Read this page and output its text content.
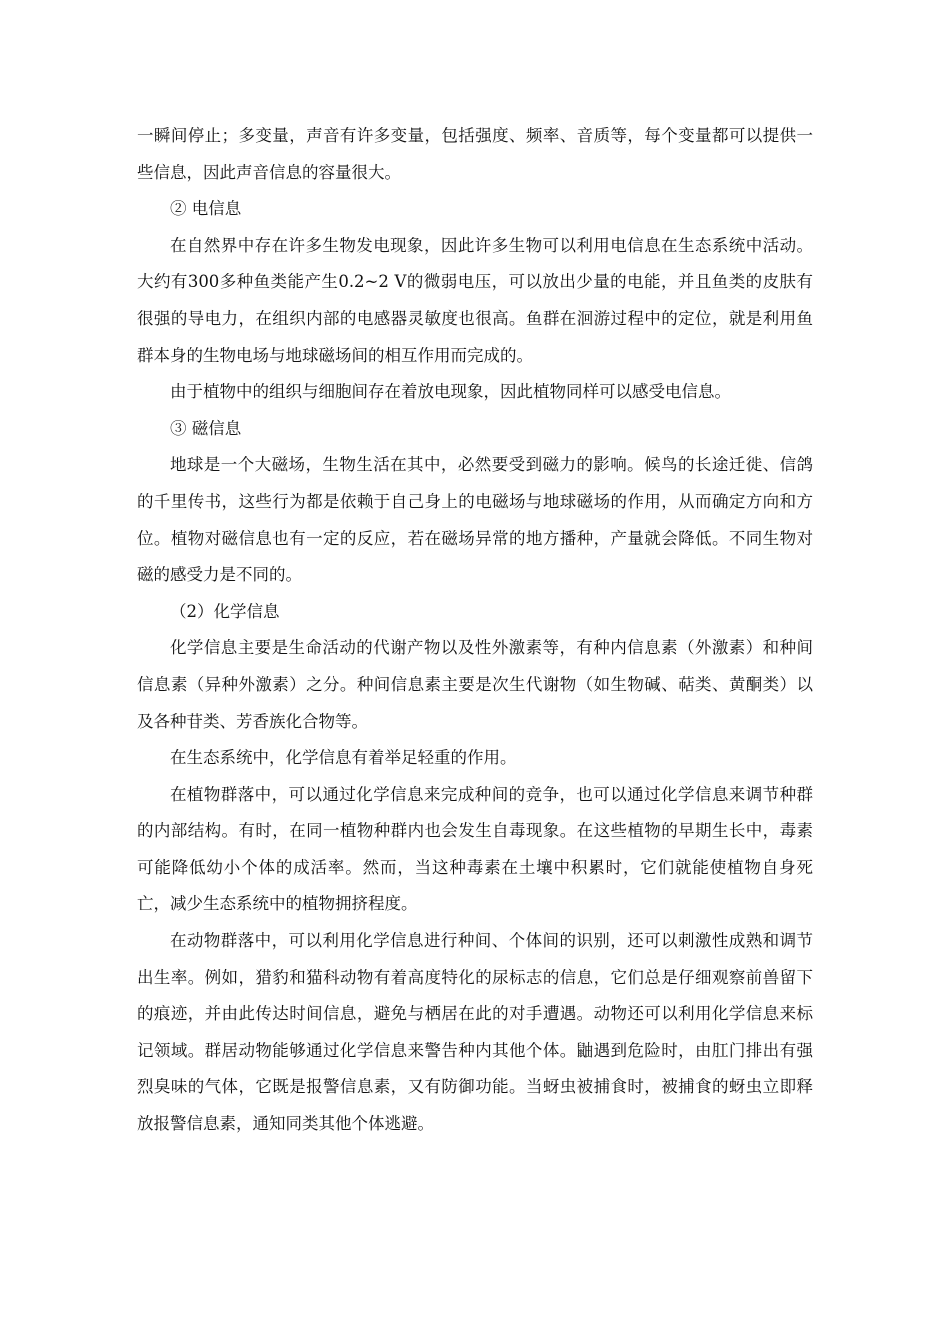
一瞬间停止；多变量，声音有许多变量，包括强度、频率、音质等，每个变量都可以提供一些信息，因此声音信息的容量很大。

② 电信息

在自然界中存在许多生物发电现象，因此许多生物可以利用电信息在生态系统中活动。大约有300多种鱼类能产生0.2~2 V的微弱电压，可以放出少量的电能，并且鱼类的皮肤有很强的导电力，在组织内部的电感器灵敏度也很高。鱼群在洄游过程中的定位，就是利用鱼群本身的生物电场与地球磁场间的相互作用而完成的。

由于植物中的组织与细胞间存在着放电现象，因此植物同样可以感受电信息。

③ 磁信息

地球是一个大磁场，生物生活在其中，必然要受到磁力的影响。候鸟的长途迁徙、信鸽的千里传书，这些行为都是依赖于自己身上的电磁场与地球磁场的作用，从而确定方向和方位。植物对磁信息也有一定的反应，若在磁场异常的地方播种，产量就会降低。不同生物对磁的感受力是不同的。

（2）化学信息

化学信息主要是生命活动的代谢产物以及性外激素等，有种内信息素（外激素）和种间信息素（异种外激素）之分。种间信息素主要是次生代谢物（如生物碱、萜类、黄酮类）以及各种苷类、芳香族化合物等。

在生态系统中，化学信息有着举足轻重的作用。

在植物群落中，可以通过化学信息来完成种间的竞争，也可以通过化学信息来调节种群的内部结构。有时，在同一植物种群内也会发生自毒现象。在这些植物的早期生长中，毒素可能降低幼小个体的成活率。然而，当这种毒素在土壤中积累时，它们就能使植物自身死亡，减少生态系统中的植物拥挤程度。

在动物群落中，可以利用化学信息进行种间、个体间的识别，还可以刺激性成熟和调节出生率。例如，猎豹和猫科动物有着高度特化的尿标志的信息，它们总是仔细观察前兽留下的痕迹，并由此传达时间信息，避免与栖居在此的对手遭遇。动物还可以利用化学信息来标记领域。群居动物能够通过化学信息来警告种内其他个体。鼬遇到危险时，由肛门排出有强烈臭味的气体，它既是报警信息素，又有防御功能。当蚜虫被捕食时，被捕食的蚜虫立即释放报警信息素，通知同类其他个体逃避。
